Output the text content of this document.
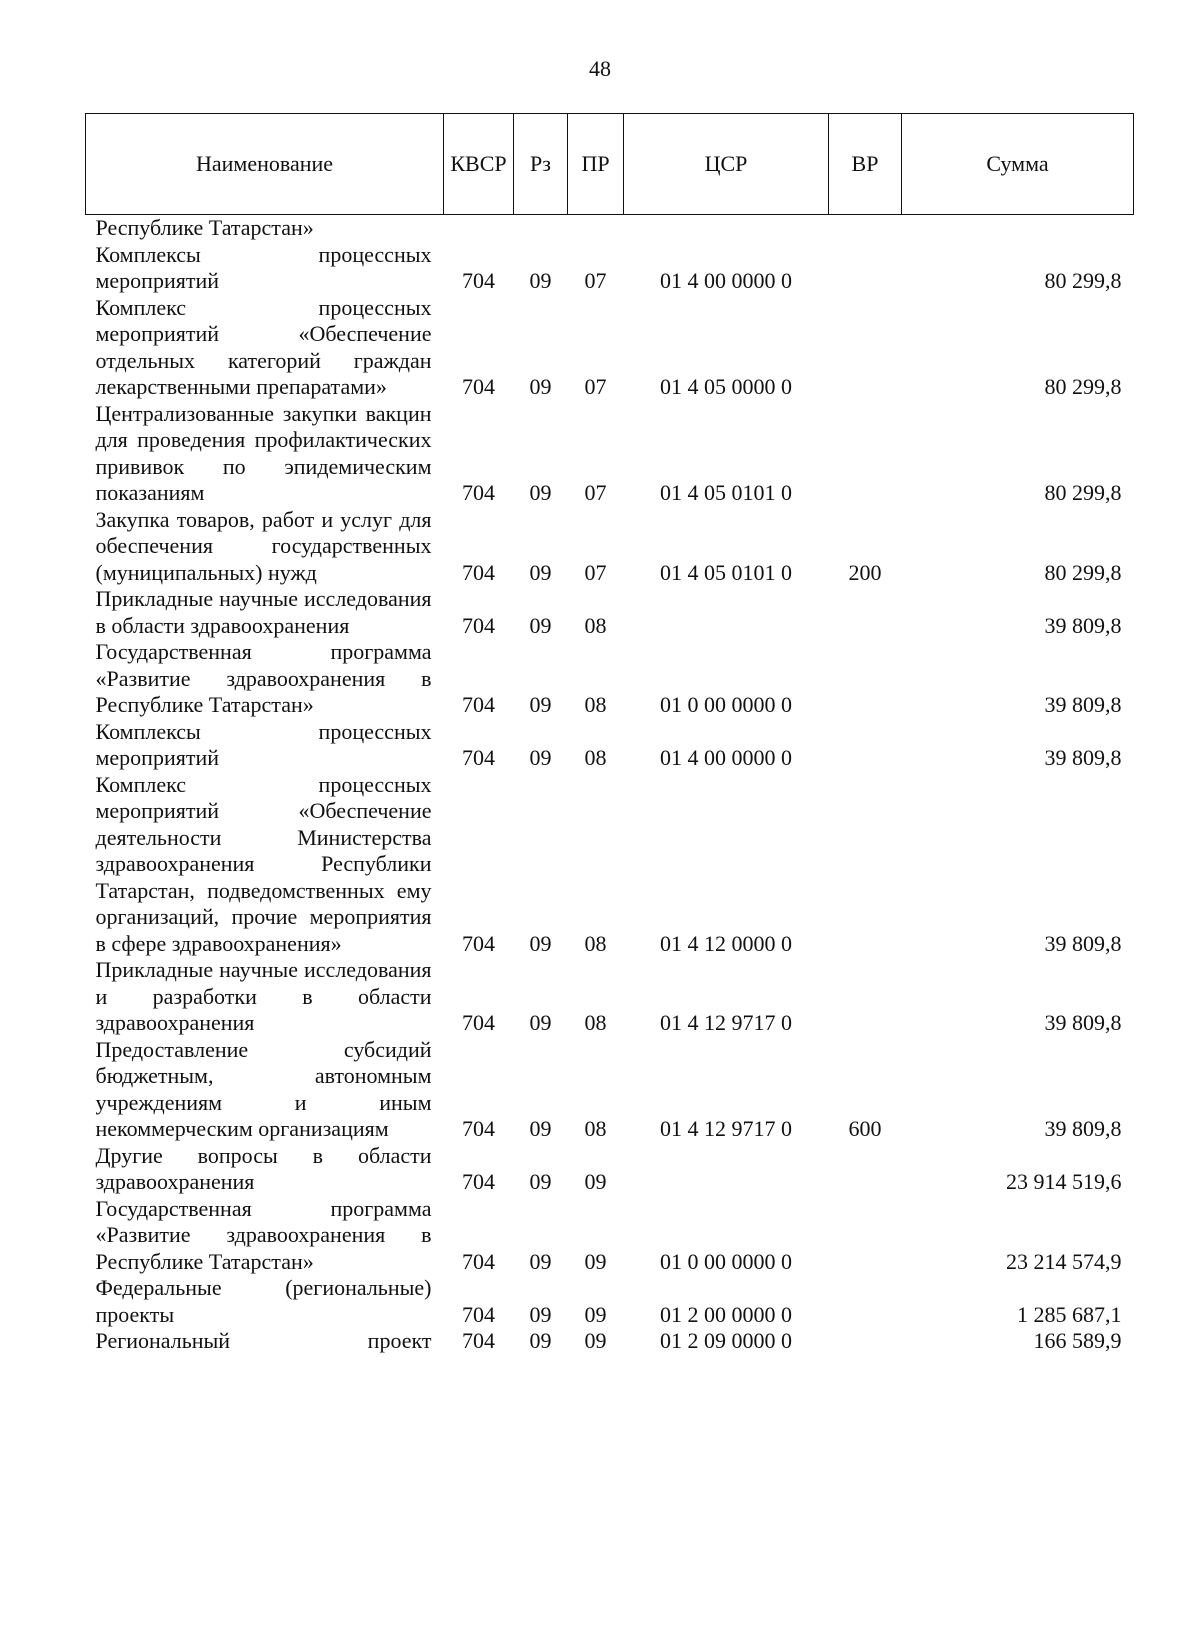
48
Наименование	КВСР	Рз	ПР	ЦСР	ВР	Сумма
Республике Татарстан»						
Комплексы процессных мероприятий	704	09	07	01 4 00 0000 0		80 299,8
Комплекс процессных мероприятий «Обеспечение отдельных категорий граждан лекарственными препаратами»	704	09	07	01 4 05 0000 0		80 299,8
Централизованные закупки вакцин для проведения профилактических прививок по эпидемическим показаниям	704	09	07	01 4 05 0101 0		80 299,8
Закупка товаров, работ и услуг для обеспечения государственных (муниципальных) нужд	704	09	07	01 4 05 0101 0	200	80 299,8
Прикладные научные исследования в области здравоохранения	704	09	08			39 809,8
Государственная программа «Развитие здравоохранения в Республике Татарстан»	704	09	08	01 0 00 0000 0		39 809,8
Комплексы процессных мероприятий	704	09	08	01 4 00 0000 0		39 809,8
Комплекс процессных мероприятий «Обеспечение деятельности Министерства здравоохранения Республики Татарстан, подведомственных ему организаций, прочие мероприятия в сфере здравоохранения»	704	09	08	01 4 12 0000 0		39 809,8
Прикладные научные исследования и разработки в области здравоохранения	704	09	08	01 4 12 9717 0		39 809,8
Предоставление субсидий бюджетным, автономным учреждениям и иным некоммерческим организациям	704	09	08	01 4 12 9717 0	600	39 809,8
Другие вопросы в области здравоохранения	704	09	09			23 914 519,6
Государственная программа «Развитие здравоохранения в Республике Татарстан»	704	09	09	01 0 00 0000 0		23 214 574,9
Федеральные (региональные) проекты	704	09	09	01 2 00 0000 0		1 285 687,1
Региональный проект	704	09	09	01 2 09 0000 0		166 589,9
